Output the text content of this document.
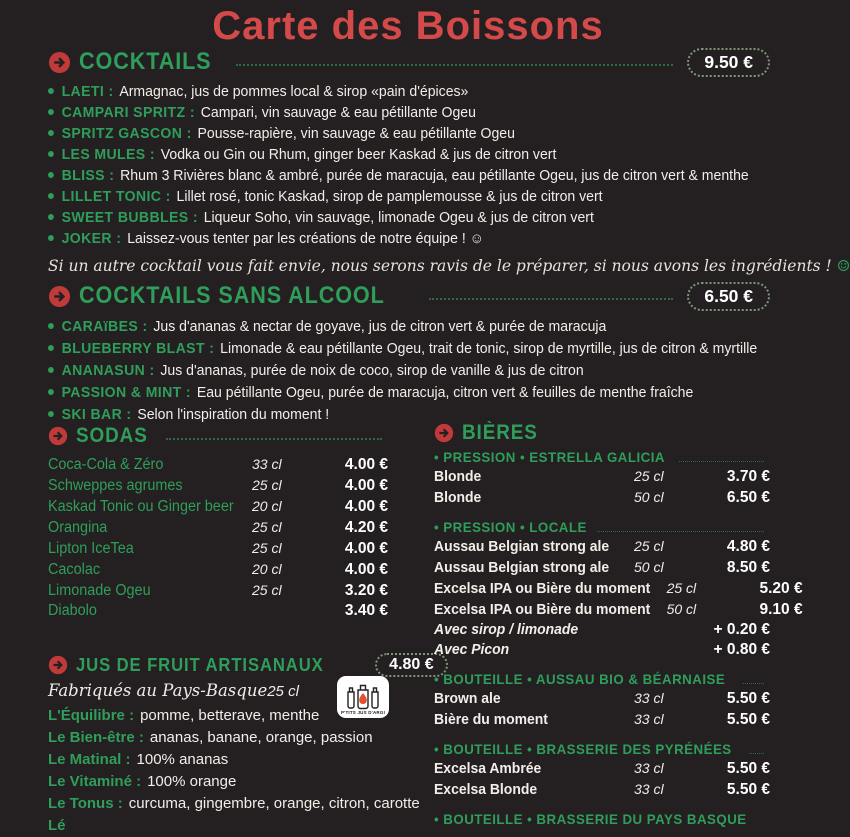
Carte des Boissons
COCKTAILS	9.50 €
LAETI : Armagnac, jus de pommes local & sirop «pain d'épices»
CAMPARI SPRITZ : Campari, vin sauvage & eau pétillante Ogeu
SPRITZ GASCON : Pousse-rapière, vin sauvage & eau pétillante Ogeu
LES MULES : Vodka ou Gin ou Rhum, ginger beer Kaskad & jus de citron vert
BLISS : Rhum 3 Rivières blanc & ambré, purée de maracuja, eau pétillante Ogeu, jus de citron vert & menthe
LILLET TONIC : Lillet rosé, tonic Kaskad, sirop de pamplemousse & jus de citron vert
SWEET BUBBLES : Liqueur Soho, vin sauvage, limonade Ogeu & jus de citron vert
JOKER : Laissez-vous tenter par les créations de notre équipe ! ☺

Si un autre cocktail vous fait envie, nous serons ravis de le préparer, si nous avons les ingrédients ! ☺

COCKTAILS SANS ALCOOL	6.50 €
CARAïBES : Jus d'ananas & nectar de goyave, jus de citron vert & purée de maracuja
BLUEBERRY BLAST : Limonade & eau pétillante Ogeu, trait de tonic, sirop de myrtille, jus de citron & myrtille
ANANASUN : Jus d'ananas, purée de noix de coco, sirop de vanille & jus de citron
PASSION & MINT : Eau pétillante Ogeu, purée de maracuja, citron vert & feuilles de menthe fraîche
SKI BAR : Selon l'inspiration du moment !
SODAS
Coca-Cola & Zéro	33 cl	4.00 €
Schweppes agrumes	25 cl	4.00 €
Kaskad Tonic ou Ginger beer 20 cl	4.00 €
Orangina	25 cl	4.20 €
Lipton IceTea	25 cl	4.00 €
Cacolac	20 cl	4.00 €
Limonade Ogeu	25 cl	3.20 €
Diabolo	3.40 €
JUS DE FRUIT ARTISANAUX	4.80 €
Fabriqués au Pays-Basque 25 cl
L'Équilibre : pomme, betterave, menthe
Le Bien-être : ananas, banane, orange, passion
Le Matinal : 100% ananas
Le Vitaminé : 100% orange
Le Tonus : curcuma, gingembre, orange, citron, carotte
Lé
P'TITS JUS D'ARGI
BIÈRES
• PRESSION • ESTRELLA GALICIA
Blonde	25 cl	3.70 €
Blonde	50 cl	6.50 €
• PRESSION • LOCALE
Aussau Belgian strong ale	25 cl	4.80 €
Aussau Belgian strong ale	50 cl	8.50 €
Excelsa IPA ou Bière du moment 25 cl	5.20 €
Excelsa IPA ou Bière du moment 50 cl	9.10 €
Avec sirop / limonade	+ 0.20 €
Avec Picon	+ 0.80 €
• BOUTEILLE • AUSSAU BIO & BÉARNAISE
Brown ale	33 cl	5.50 €
Bière du moment	33 cl	5.50 €
• BOUTEILLE • BRASSERIE DES PYRÉNÉES
Excelsa Ambrée	33 cl	5.50 €
Excelsa Blonde	33 cl	5.50 €
• BOUTEILLE • BRASSERIE DU PAYS BASQUE
